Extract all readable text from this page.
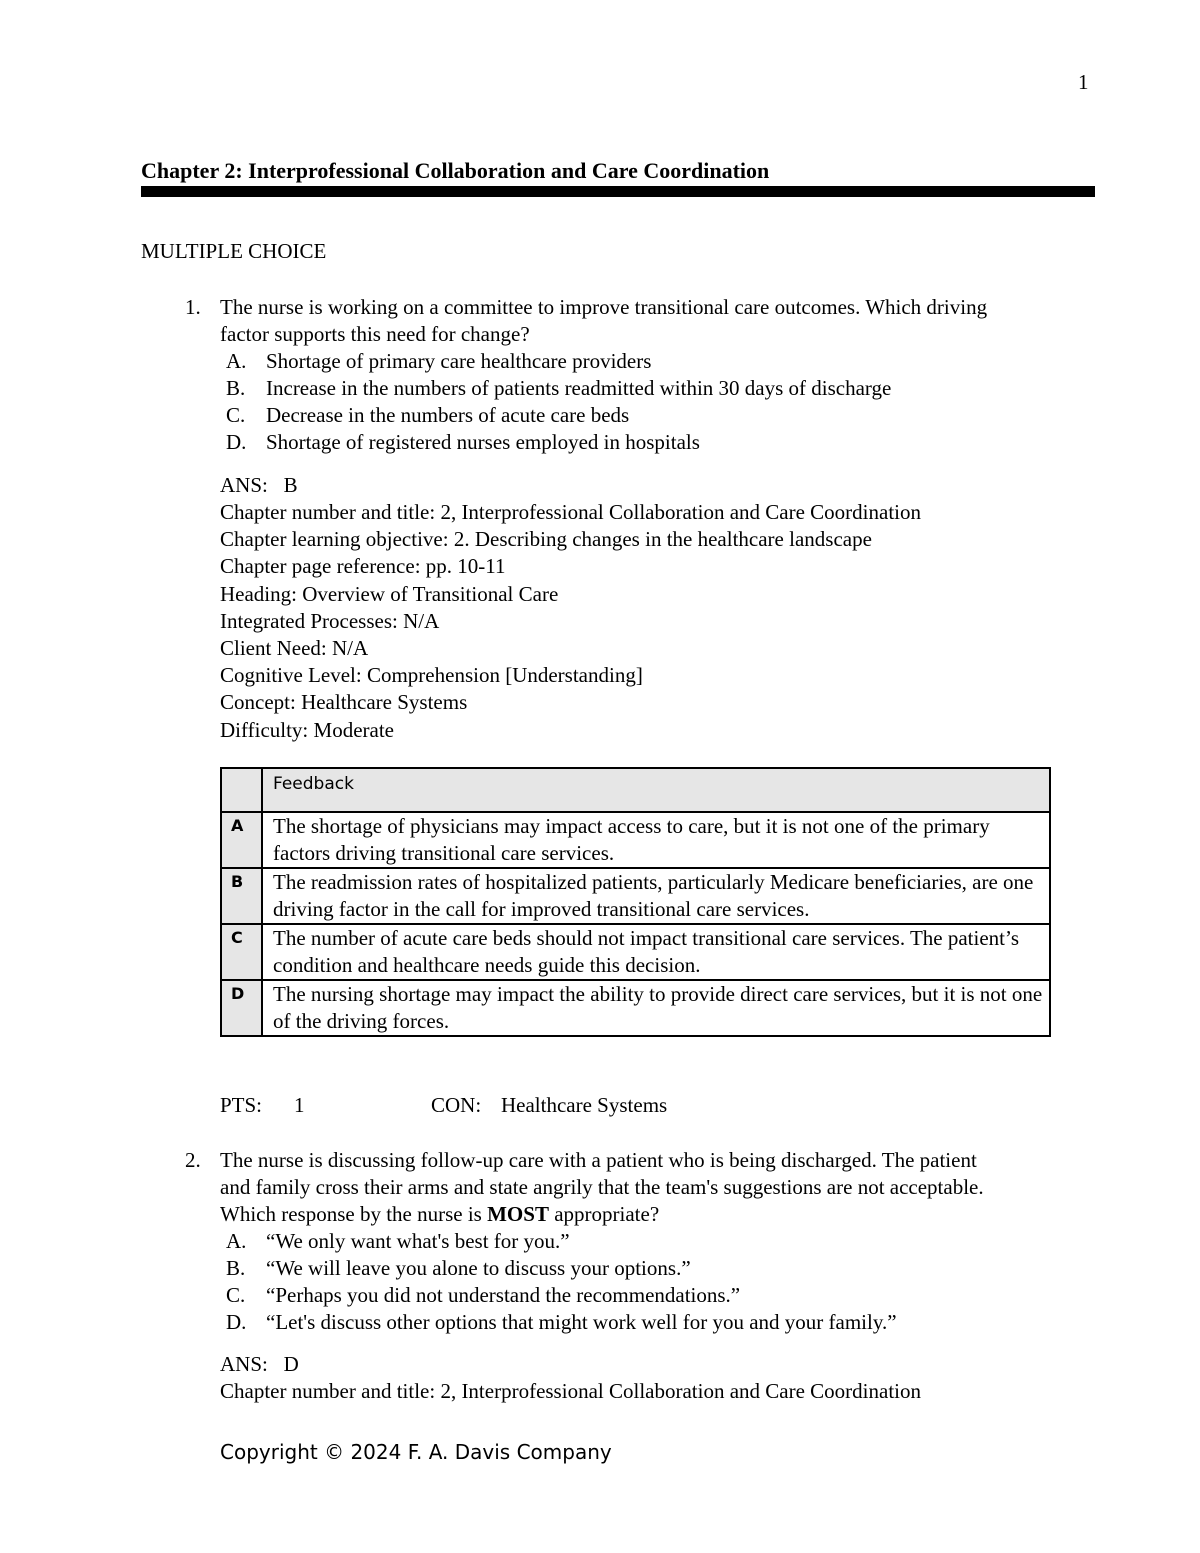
1
Chapter 2: Interprofessional Collaboration and Care Coordination
MULTIPLE CHOICE
1. The nurse is working on a committee to improve transitional care outcomes. Which driving
factor supports this need for change?
A. Shortage of primary care healthcare providers
B. Increase in the numbers of patients readmitted within 30 days of discharge
C. Decrease in the numbers of acute care beds
D. Shortage of registered nurses employed in hospitals
ANS:   B
Chapter number and title: 2, Interprofessional Collaboration and Care Coordination
Chapter learning objective: 2. Describing changes in the healthcare landscape
Chapter page reference: pp. 10-11
Heading: Overview of Transitional Care
Integrated Processes: N/A
Client Need: N/A
Cognitive Level: Comprehension [Understanding]
Concept: Healthcare Systems
Difficulty: Moderate
	Feedback
A	The shortage of physicians may impact access to care, but it is not one of the primary factors driving transitional care services.
B	The readmission rates of hospitalized patients, particularly Medicare beneficiaries, are one driving factor in the call for improved transitional care services.
C	The number of acute care beds should not impact transitional care services. The patient’s condition and healthcare needs guide this decision.
D	The nursing shortage may impact the ability to provide direct care services, but it is not one of the driving forces.
PTS: 1	CON: Healthcare Systems
2. The nurse is discussing follow-up care with a patient who is being discharged. The patient
and family cross their arms and state angrily that the team's suggestions are not acceptable.
Which response by the nurse is MOST appropriate?
A. “We only want what's best for you.”
B. “We will leave you alone to discuss your options.”
C. “Perhaps you did not understand the recommendations.”
D. “Let's discuss other options that might work well for you and your family.”
ANS:   D
Chapter number and title: 2, Interprofessional Collaboration and Care Coordination
Copyright © 2024 F. A. Davis Company
